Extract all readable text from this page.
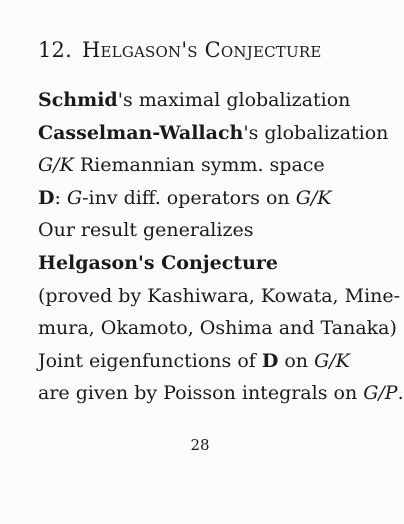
12. Helgason's Conjecture
Schmid's maximal globalization
Casselman-Wallach's globalization
G/K Riemannian symm. space
D: G-inv diff. operators on G/K
Our result generalizes
Helgason's Conjecture
(proved by Kashiwara, Kowata, Mine-
mura, Okamoto, Oshima and Tanaka)
Joint eigenfunctions of D on G/K
are given by Poisson integrals on G/P.
28
